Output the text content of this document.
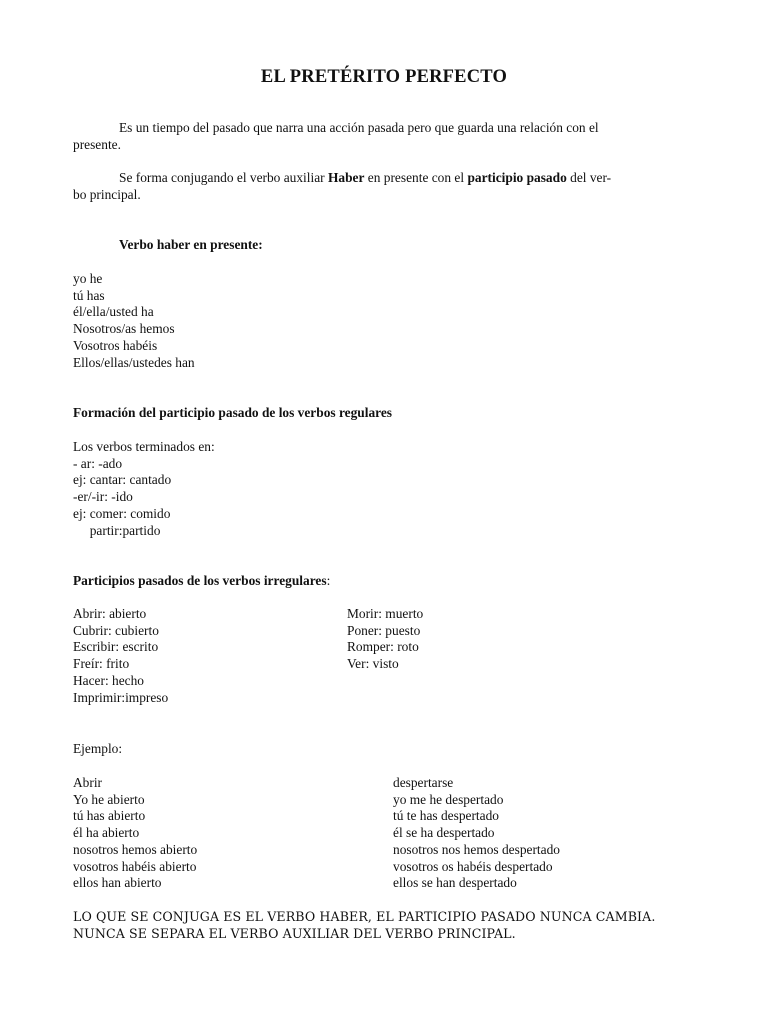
EL PRETÉRITO PERFECTO
Es un tiempo del pasado que narra una acción pasada pero que guarda una relación con el
presente.
Se forma conjugando el verbo auxiliar Haber en presente con el participio pasado del ver-
bo principal.
Verbo haber en presente:
yo he
tú has
él/ella/usted ha
Nosotros/as hemos
Vosotros habéis
Ellos/ellas/ustedes han
Formación del participio pasado de los verbos regulares
Los verbos terminados en:
- ar: -ado
ej: cantar: cantado
-er/-ir: -ido
ej: comer: comido
partir:partido
Participios pasados de los verbos irregulares:
Abrir: abierto
Cubrir: cubierto
Escribir: escrito
Freír: frito
Hacer: hecho
Imprimir:impreso
Morir: muerto
Poner: puesto
Romper: roto
Ver: visto
Ejemplo:
Abrir
Yo he abierto
tú has abierto
él ha abierto
nosotros hemos abierto
vosotros habéis abierto
ellos han abierto
despertarse
yo me he despertado
tú te has despertado
él se ha despertado
nosotros nos hemos despertado
vosotros os habéis despertado
ellos se han despertado
LO QUE SE CONJUGA ES EL VERBO HABER, EL PARTICIPIO PASADO NUNCA CAMBIA.
NUNCA SE SEPARA EL VERBO AUXILIAR DEL VERBO PRINCIPAL.
